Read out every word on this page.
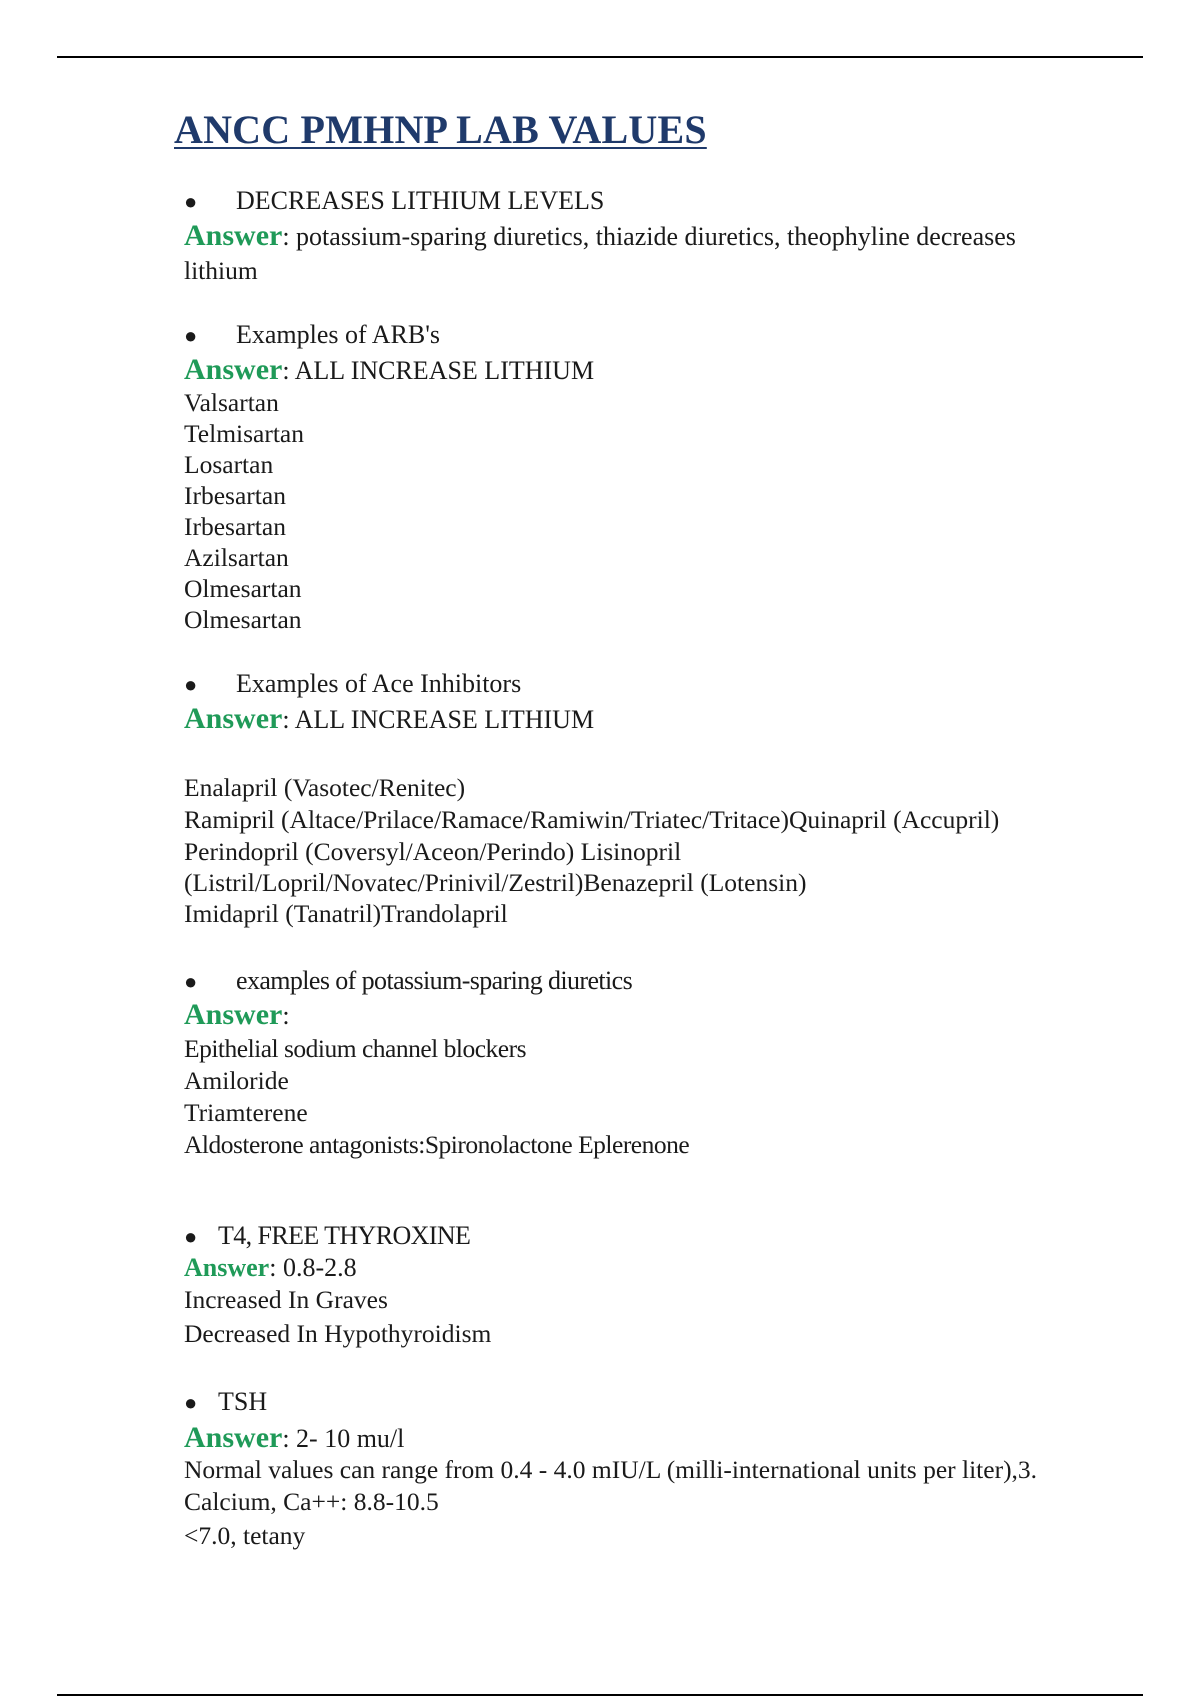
ANCC PMHNP LAB VALUES
● DECREASES LITHIUM LEVELS
Answer: potassium-sparing diuretics, thiazide diuretics, theophyline decreases
lithium
● Examples of ARB's
Answer: ALL INCREASE LITHIUM
Valsartan
Telmisartan
Losartan
Irbesartan
Irbesartan
Azilsartan
Olmesartan
Olmesartan
● Examples of Ace Inhibitors
Answer: ALL INCREASE LITHIUM
Enalapril (Vasotec/Renitec)
Ramipril (Altace/Prilace/Ramace/Ramiwin/Triatec/Tritace)Quinapril (Accupril)
Perindopril (Coversyl/Aceon/Perindo) Lisinopril
(Listril/Lopril/Novatec/Prinivil/Zestril)Benazepril (Lotensin)
Imidapril (Tanatril)Trandolapril
● examples of potassium-sparing diuretics
Answer:
Epithelial sodium channel blockers
Amiloride
Triamterene
Aldosterone antagonists:Spironolactone Eplerenone
● T4, FREE THYROXINE
Answer: 0.8-2.8
Increased In Graves
Decreased In Hypothyroidism
● TSH
Answer: 2- 10 mu/l
Normal values can range from 0.4 - 4.0 mIU/L (milli-international units per liter),3.
Calcium, Ca++: 8.8-10.5
<7.0, tetany
